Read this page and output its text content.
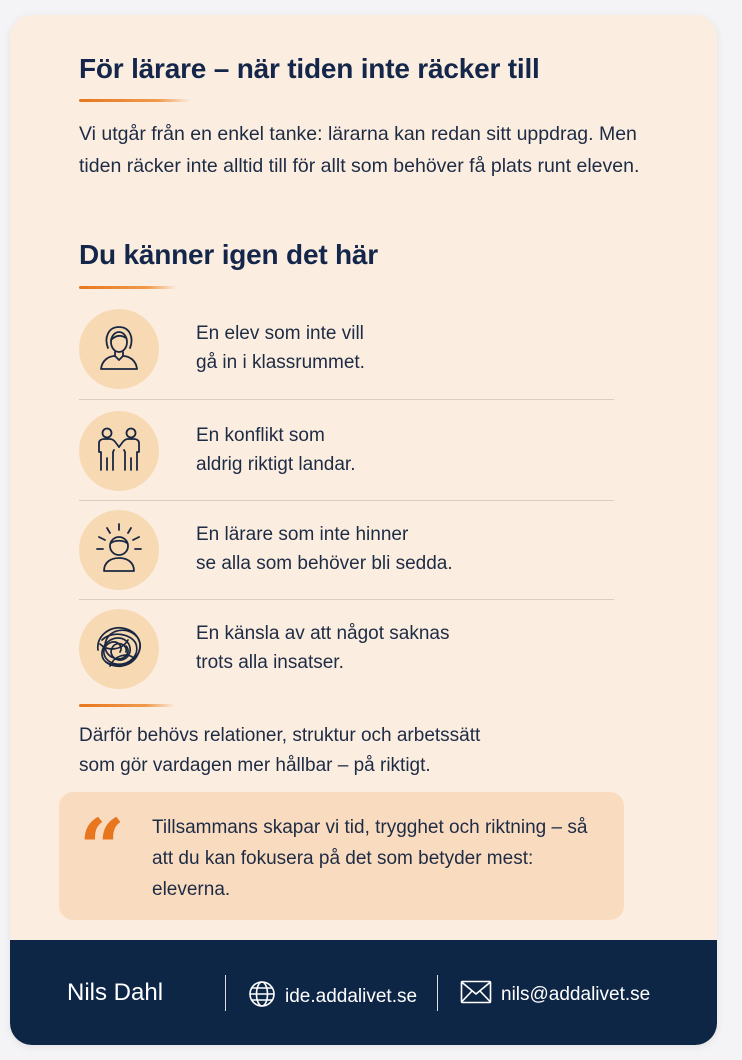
För lärare – när tiden inte räcker till

Vi utgår från en enkel tanke: lärarna kan redan sitt uppdrag. Men tiden räcker inte alltid till för allt som behöver få plats runt eleven.

Du känner igen det här
En elev som inte vill
gå in i klassrummet.
En konflikt som
aldrig riktigt landar.
En lärare som inte hinner
se alla som behöver bli sedda.
En känsla av att något saknas
trots alla insatser.
Därför behövs relationer, struktur och arbetssätt
som gör vardagen mer hållbar – på riktigt.
“ Tillsammans skapar vi tid, trygghet och riktning – så att du kan fokusera på det som betyder mest: eleverna.
Nils Dahl	ide.addalivet.se	nils@addalivet.se
